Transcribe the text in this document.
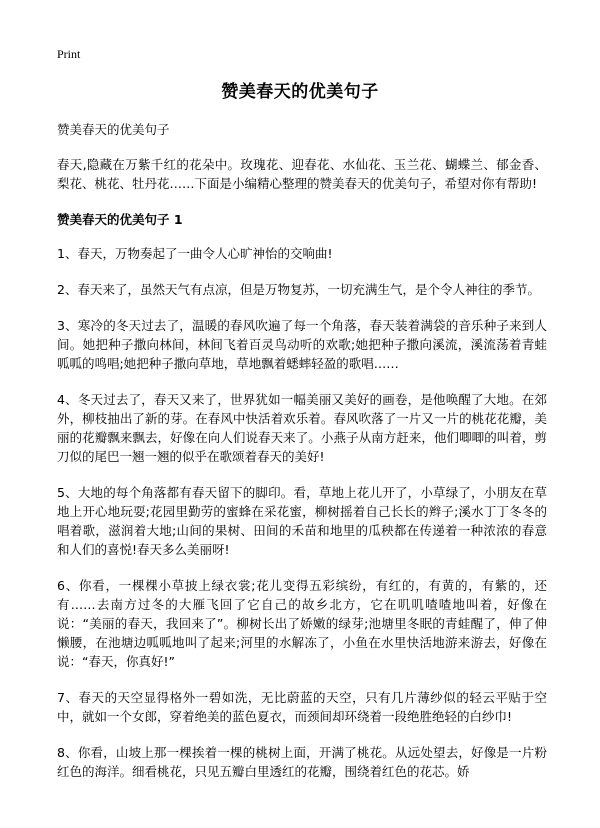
Print
赞美春天的优美句子

赞美春天的优美句子

春天,隐藏在万紫千红的花朵中。玫瑰花、迎春花、水仙花、玉兰花、蝴蝶兰、郁金香、梨花、桃花、牡丹花……下面是小编精心整理的赞美春天的优美句子，希望对你有帮助!

赞美春天的优美句子 1

1、春天，万物奏起了一曲令人心旷神怡的交响曲!

2、春天来了，虽然天气有点凉，但是万物复苏，一切充满生气，是个令人神往的季节。

3、寒冷的冬天过去了，温暖的春风吹遍了每一个角落，春天装着满袋的音乐种子来到人间。她把种子撒向林间，林间飞着百灵鸟动听的欢歌;她把种子撒向溪流，溪流荡着青蛙呱呱的鸣唱;她把种子撒向草地，草地飘着蟋蟀轻盈的歌唱……

4、冬天过去了，春天又来了，世界犹如一幅美丽又美好的画卷，是他唤醒了大地。在郊外，柳枝抽出了新的芽。在春风中快活着欢乐着。春风吹落了一片又一片的桃花花瓣，美丽的花瓣飘来飘去，好像在向人们说春天来了。小燕子从南方赶来，他们唧唧的叫着，剪刀似的尾巴一翘一翘的似乎在歌颂着春天的美好!

5、大地的每个角落都有春天留下的脚印。看，草地上花儿开了，小草绿了，小朋友在草地上开心地玩耍;花园里勤劳的蜜蜂在采花蜜，柳树摇着自己长长的辫子;溪水丁丁冬冬的唱着歌，滋润着大地;山间的果树、田间的禾苗和地里的瓜秧都在传递着一种浓浓的春意和人们的喜悦!春天多么美丽呀!

6、你看，一棵棵小草披上绿衣裳;花儿变得五彩缤纷，有红的，有黄的，有紫的，还有……去南方过冬的大雁飞回了它自己的故乡北方，它在叽叽喳喳地叫着，好像在说：“美丽的春天，我回来了”。柳树长出了娇嫩的绿芽;池塘里冬眠的青蛙醒了，伸了伸懒腰，在池塘边呱呱地叫了起来;河里的水解冻了，小鱼在水里快活地游来游去，好像在说：“春天，你真好!”

7、春天的天空显得格外一碧如洗，无比蔚蓝的天空，只有几片薄纱似的轻云平贴于空中，就如一个女郎，穿着绝美的蓝色夏衣，而颈间却环绕着一段绝胜绝轻的白纱巾!

8、你看，山坡上那一棵挨着一棵的桃树上面，开满了桃花。从远处望去，好像是一片粉红色的海洋。细看桃花，只见五瓣白里透红的花瓣，围绕着红色的花芯。娇
